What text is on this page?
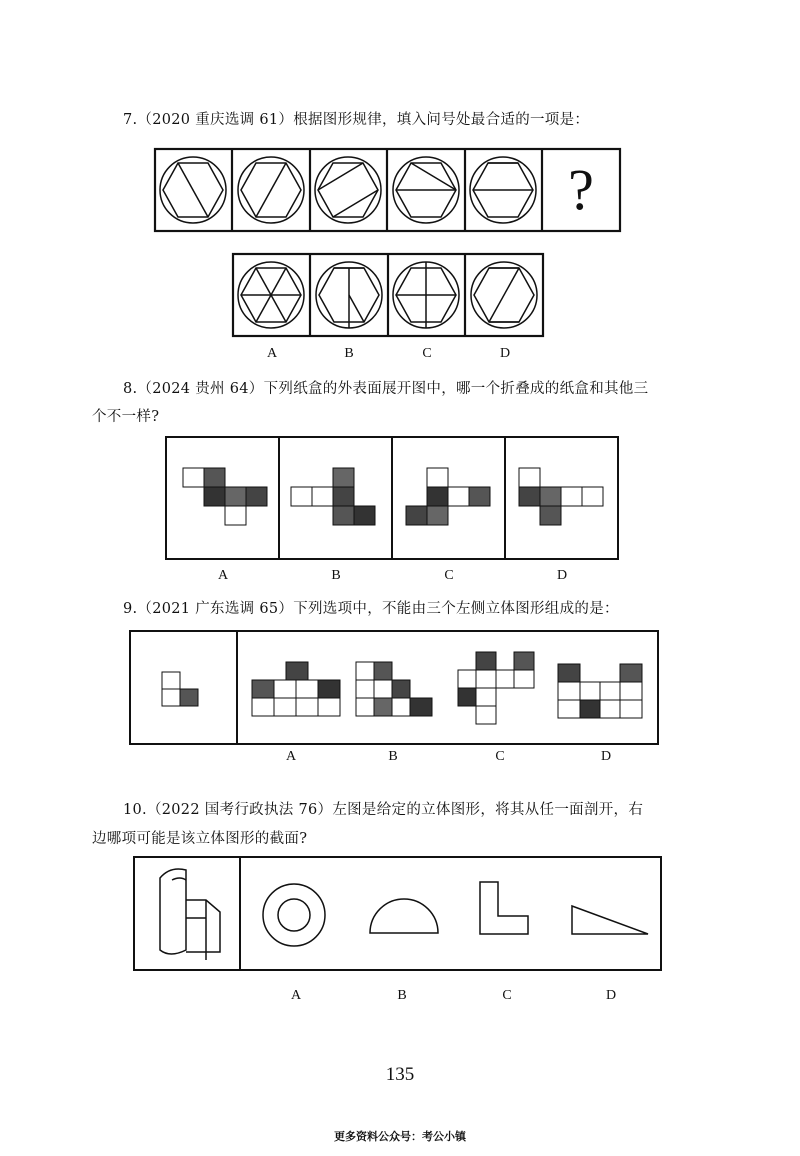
7.（2020 重庆选调 61）根据图形规律，填入问号处最合适的一项是：
?
A	B	C	D
8.（2024 贵州 64）下列纸盒的外表面展开图中，哪一个折叠成的纸盒和其他三
个不一样?
A	B	C	D
9.（2021 广东选调 65）下列选项中，不能由三个左侧立体图形组成的是：
A	B	C	D
10.（2022 国考行政执法 76）左图是给定的立体图形，将其从任一面剖开，右
边哪项可能是该立体图形的截面?
A	B	C	D
135
更多资料公众号：考公小镇
